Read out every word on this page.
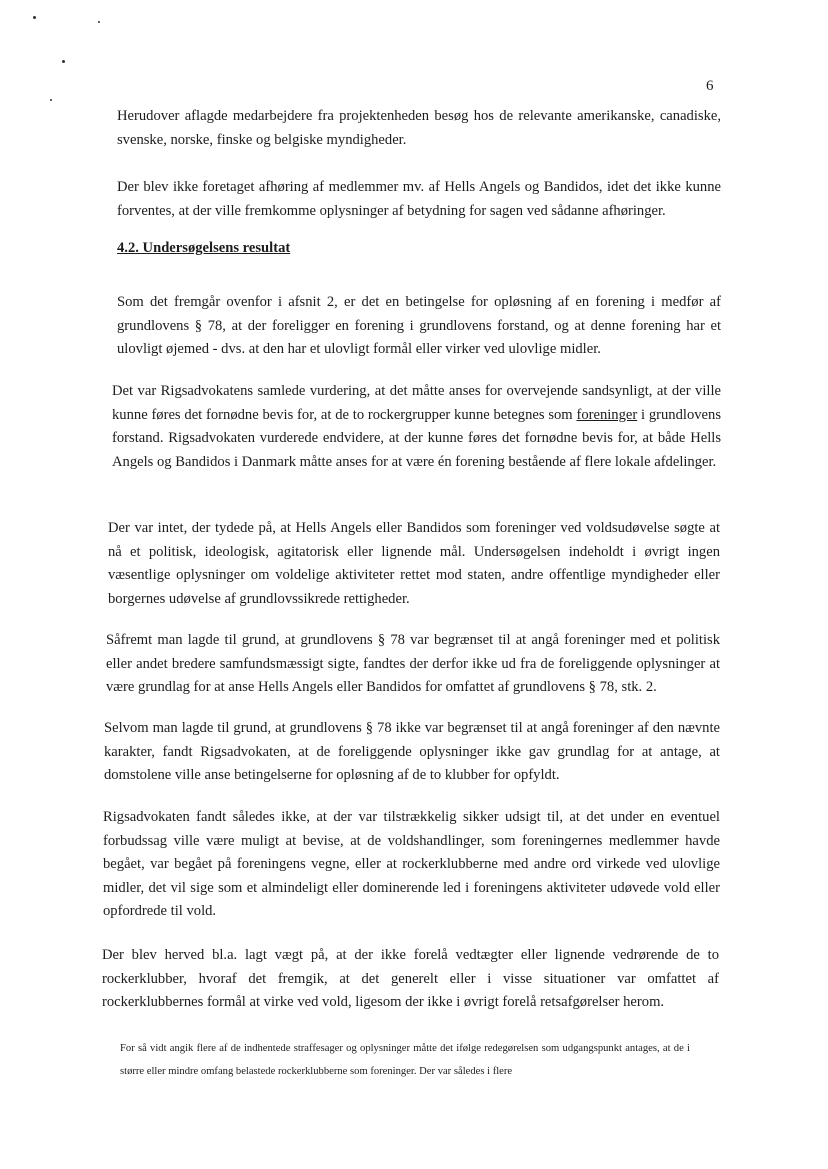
6

Herudover aflagde medarbejdere fra projektenheden besøg hos de relevante amerikanske, canadiske, svenske, norske, finske og belgiske myndigheder.

Der blev ikke foretaget afhøring af medlemmer mv. af Hells Angels og Bandidos, idet det ikke kunne forventes, at der ville fremkomme oplysninger af betydning for sagen ved sådanne afhøringer.

4.2. Undersøgelsens resultat

Som det fremgår ovenfor i afsnit 2, er det en betingelse for opløsning af en forening i medfør af grundlovens § 78, at der foreligger en forening i grundlovens forstand, og at denne forening har et ulovligt øjemed - dvs. at den har et ulovligt formål eller virker ved ulovlige midler.

Det var Rigsadvokatens samlede vurdering, at det måtte anses for overvejende sandsynligt, at der ville kunne føres det fornødne bevis for, at de to rockergrupper kunne betegnes som foreninger i grundlovens forstand. Rigsadvokaten vurderede endvidere, at der kunne føres det fornødne bevis for, at både Hells Angels og Bandidos i Danmark måtte anses for at være én forening bestående af flere lokale afdelinger.

Der var intet, der tydede på, at Hells Angels eller Bandidos som foreninger ved voldsudøvelse søgte at nå et politisk, ideologisk, agitatorisk eller lignende mål. Undersøgelsen indeholdt i øvrigt ingen væsentlige oplysninger om voldelige aktiviteter rettet mod staten, andre offentlige myndigheder eller borgernes udøvelse af grundlovssikrede rettigheder.

Såfremt man lagde til grund, at grundlovens § 78 var begrænset til at angå foreninger med et politisk eller andet bredere samfundsmæssigt sigte, fandtes der derfor ikke ud fra de foreliggende oplysninger at være grundlag for at anse Hells Angels eller Bandidos for omfattet af grundlovens § 78, stk. 2.

Selvom man lagde til grund, at grundlovens § 78 ikke var begrænset til at angå foreninger af den nævnte karakter, fandt Rigsadvokaten, at de foreliggende oplysninger ikke gav grundlag for at antage, at domstolene ville anse betingelserne for opløsning af de to klubber for opfyldt.

Rigsadvokaten fandt således ikke, at der var tilstrækkelig sikker udsigt til, at det under en eventuel forbudssag ville være muligt at bevise, at de voldshandlinger, som foreningernes medlemmer havde begået, var begået på foreningens vegne, eller at rockerklubberne med andre ord virkede ved ulovlige midler, det vil sige som et almindeligt eller dominerende led i foreningens aktiviteter udøvede vold eller opfordrede til vold.

Der blev herved bl.a. lagt vægt på, at der ikke forelå vedtægter eller lignende vedrørende de to rockerklubber, hvoraf det fremgik, at det generelt eller i visse situationer var omfattet af rockerklubbernes formål at virke ved vold, ligesom der ikke i øvrigt forelå retsafgørelser herom.

For så vidt angik flere af de indhentede straffesager og oplysninger måtte det ifølge redegørelsen som udgangspunkt antages, at de i større eller mindre omfang belastede rockerklubberne som foreninger. Der var således i flere
